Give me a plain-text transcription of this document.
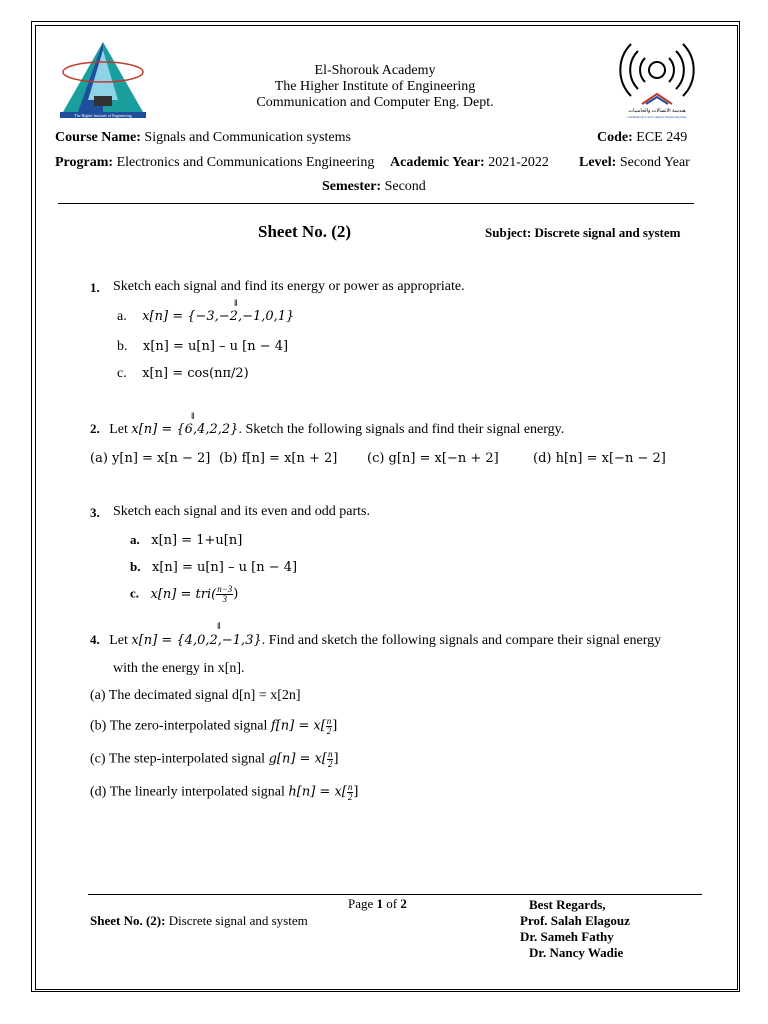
The Higher Institute of Engineering
El-Shorouk Academy
The Higher Institute of Engineering
Communication and Computer Eng. Dept.
هندسة الاتصالات والحاسبات
Communication and Computer Engineering Dept.
Course Name: Signals and Communication systems	Code: ECE 249
Program: Electronics and Communications Engineering Academic Year: 2021-2022 Level: Second Year
Semester: Second
Sheet No. (2)	Subject: Discrete signal and system
1. Sketch each signal and find its energy or power as appropriate.
⇓
a. x[n] = {−3,−2,−1,0,1}
b. x[n] = u[n] – u [n − 4]
c. x[n] = cos(nπ/2)
⇓
2. Let x[n] = {6,4,2,2}. Sketch the following signals and find their signal energy.
(a) y[n] = x[n − 2] (b) f[n] = x[n + 2] (c) g[n] = x[−n + 2]	(d) h[n] = x[−n − 2]
3. Sketch each signal and its even and odd parts.
a. x[n] = 1+u[n]
b. x[n] = u[n] – u [n − 4]
c. $x[n] = tri( \frac{n-3}{3}$ )
⇓
4. Let x[n] = {4,0,2,−1,3}. Find and sketch the following signals and compare their signal energy
with the energy in x[n].
(a) The decimated signal d[n] = x[2n]
(b) The zero-interpolated signal $f[n] = x[ \frac{n}{2}$ ]
(c) The step-interpolated signal $g[n] = x[ \frac{n}{2}$ ]
(d) The linearly interpolated signal $h[n] = x[ \frac{n}{2}$ ]
Page 1 of 2
Sheet No. (2): Discrete signal and system
Best Regards,
Prof. Salah Elagouz
Dr. Sameh Fathy
Dr. Nancy Wadie
